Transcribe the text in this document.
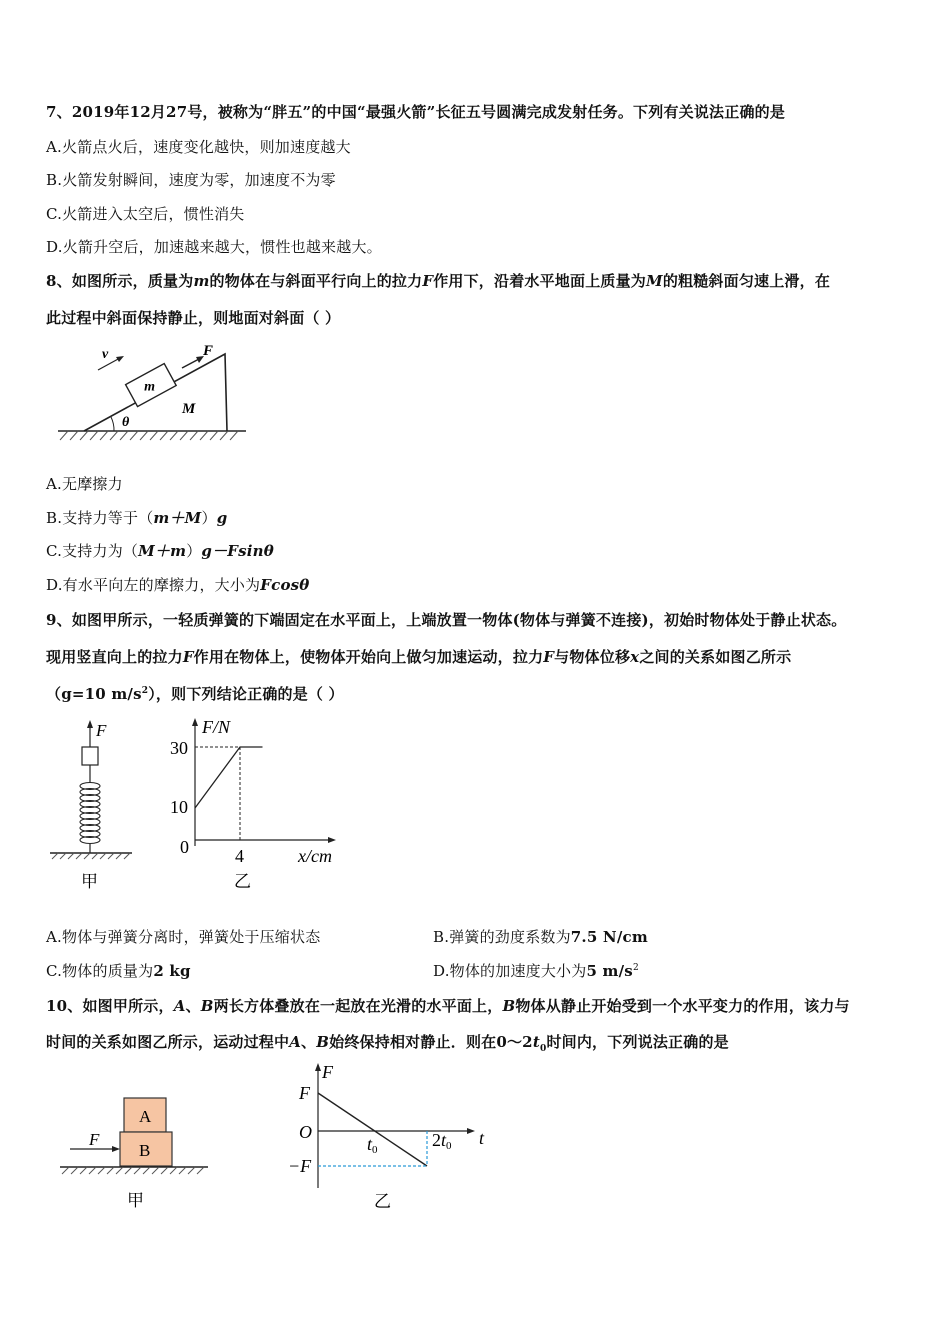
7、2019年12月27号，被称为“胖五”的中国“最强火箭”长征五号圆满完成发射任务。下列有关说法正确的是
A.火箭点火后，速度变化越快，则加速度越大
B.火箭发射瞬间，速度为零，加速度不为零
C.火箭进入太空后，惯性消失
D.火箭升空后，加速越来越大，惯性也越来越大。
8、如图所示，质量为m的物体在与斜面平行向上的拉力F作用下，沿着水平地面上质量为M的粗糙斜面匀速上滑，在
此过程中斜面保持静止，则地面对斜面（ ）
θ
M
m
F
v
A.无摩擦力
B.支持力等于（m＋M）g
C.支持力为（M＋m）g－Fsinθ
D.有水平向左的摩擦力，大小为Fcosθ
9、如图甲所示，一轻质弹簧的下端固定在水平面上，上端放置一物体(物体与弹簧不连接)，初始时物体处于静止状态。
现用竖直向上的拉力F作用在物体上，使物体开始向上做匀加速运动，拉力F与物体位移x之间的关系如图乙所示
（g=10 $m/s^2$），则下列结论正确的是（ ）
F
甲
F/N
x/cm
30
10
0	4
乙
A.物体与弹簧分离时，弹簧处于压缩状态	B.弹簧的劲度系数为7.5 N/cm
C.物体的质量为2 kg	D.物体的加速度大小为5 $m/s^2$
10、如图甲所示，A、B两长方体叠放在一起放在光滑的水平面上，B物体从静止开始受到一个水平变力的作用，该力与
时间的关系如图乙所示，运动过程中A、B始终保持相对静止．则在$0\sim 2t_0$时间内，下列说法正确的是
A
B
F
甲
F
t
F
O
−F
t0	2t0
乙
